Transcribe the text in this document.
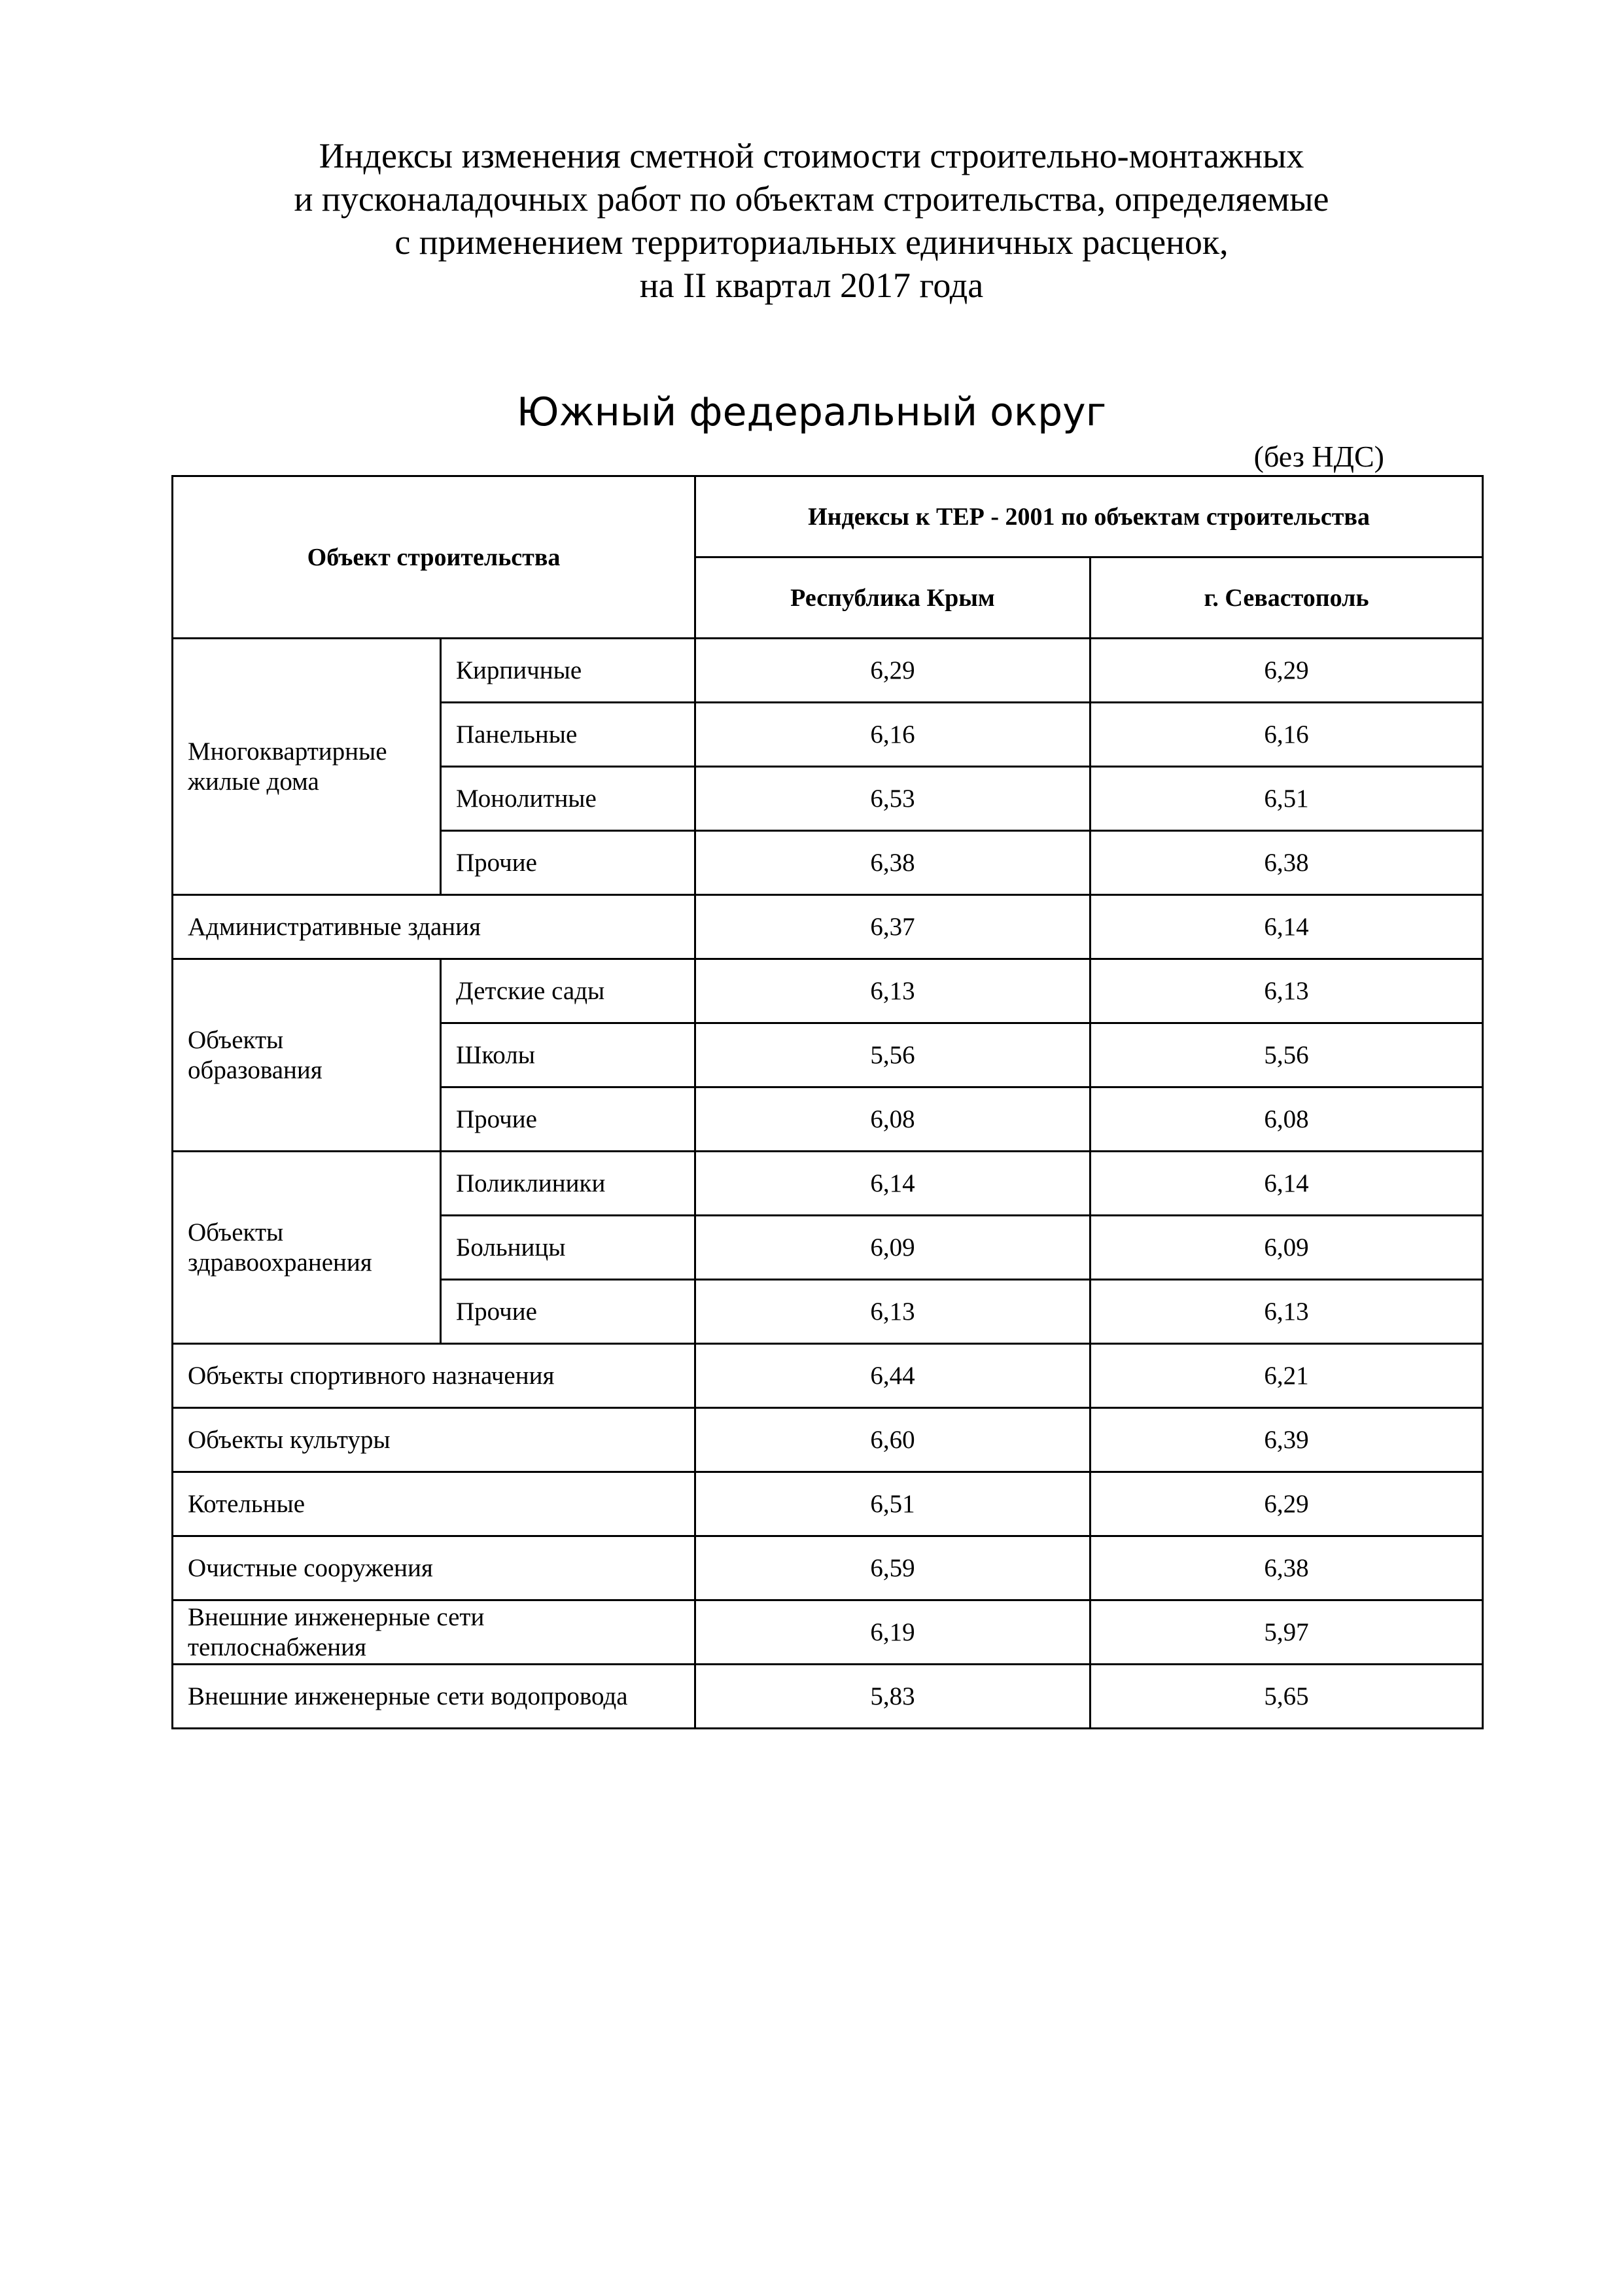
Индексы изменения сметной стоимости строительно-монтажных
и пусконаладочных работ по объектам строительства, определяемые
с применением территориальных единичных расценок,
на II квартал 2017 года
Южный федеральный округ
(без НДС)
Объект строительства		Индексы к ТЕР - 2001 по объектам строительства	
		Республика Крым	г. Севастополь
Многоквартирные жилые дома	Кирпичные	6,29	6,29
	Панельные	6,16	6,16
	Монолитные	6,53	6,51
	Прочие	6,38	6,38
Административные здания		6,37	6,14
Объекты образования	Детские сады	6,13	6,13
	Школы	5,56	5,56
	Прочие	6,08	6,08
Объекты здравоохранения	Поликлиники	6,14	6,14
	Больницы	6,09	6,09
	Прочие	6,13	6,13
Объекты спортивного назначения		6,44	6,21
Объекты культуры		6,60	6,39
Котельные		6,51	6,29
Очистные сооружения		6,59	6,38
Внешние инженерные сети теплоснабжения		6,19	5,97
Внешние инженерные сети водопровода		5,83	5,65
